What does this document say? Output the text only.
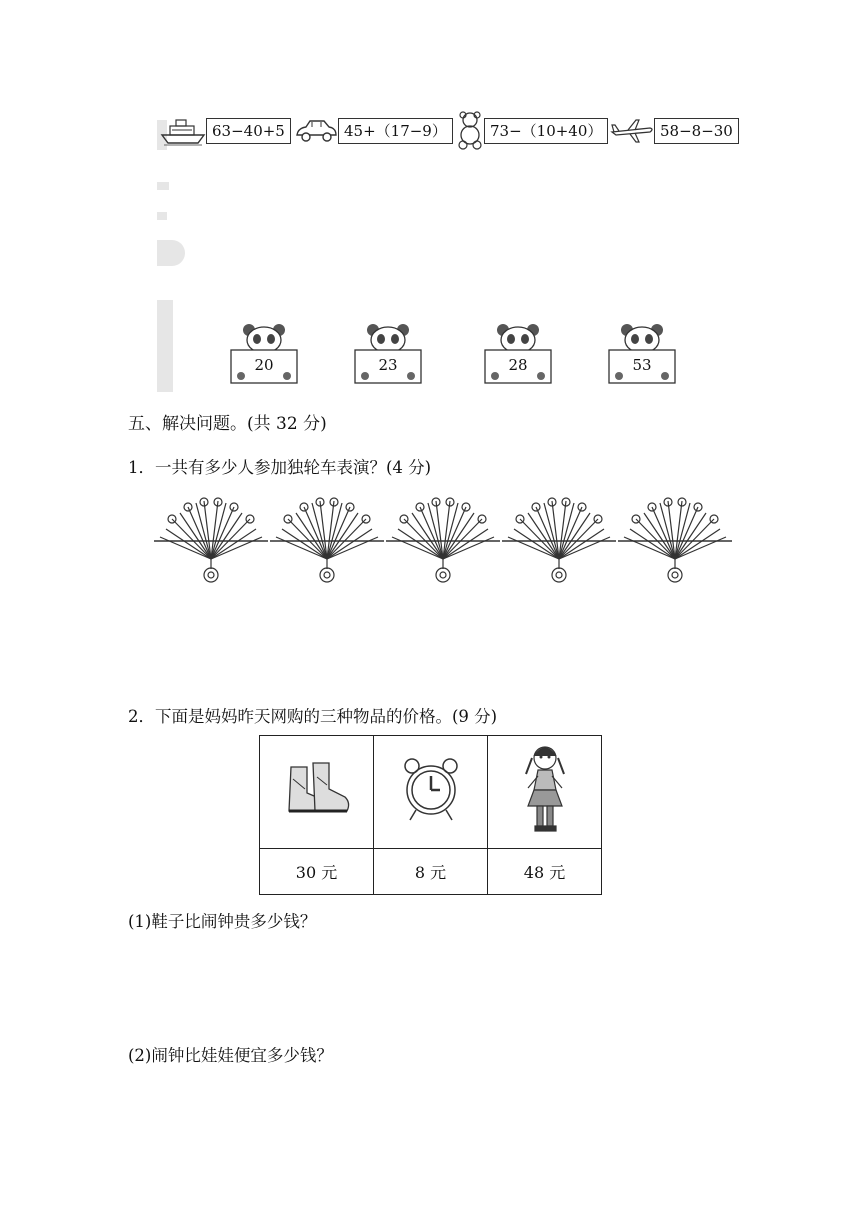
63−40+5	45+（17−9）	73−（10+40）	58−8−30
20	23	28	53
五、解决问题。(共 32 分)
1．一共有多少人参加独轮车表演？(4 分)
2．下面是妈妈昨天网购的三种物品的价格。(9 分)

30 元	8 元	48 元
(1)鞋子比闹钟贵多少钱？
(2)闹钟比娃娃便宜多少钱？
